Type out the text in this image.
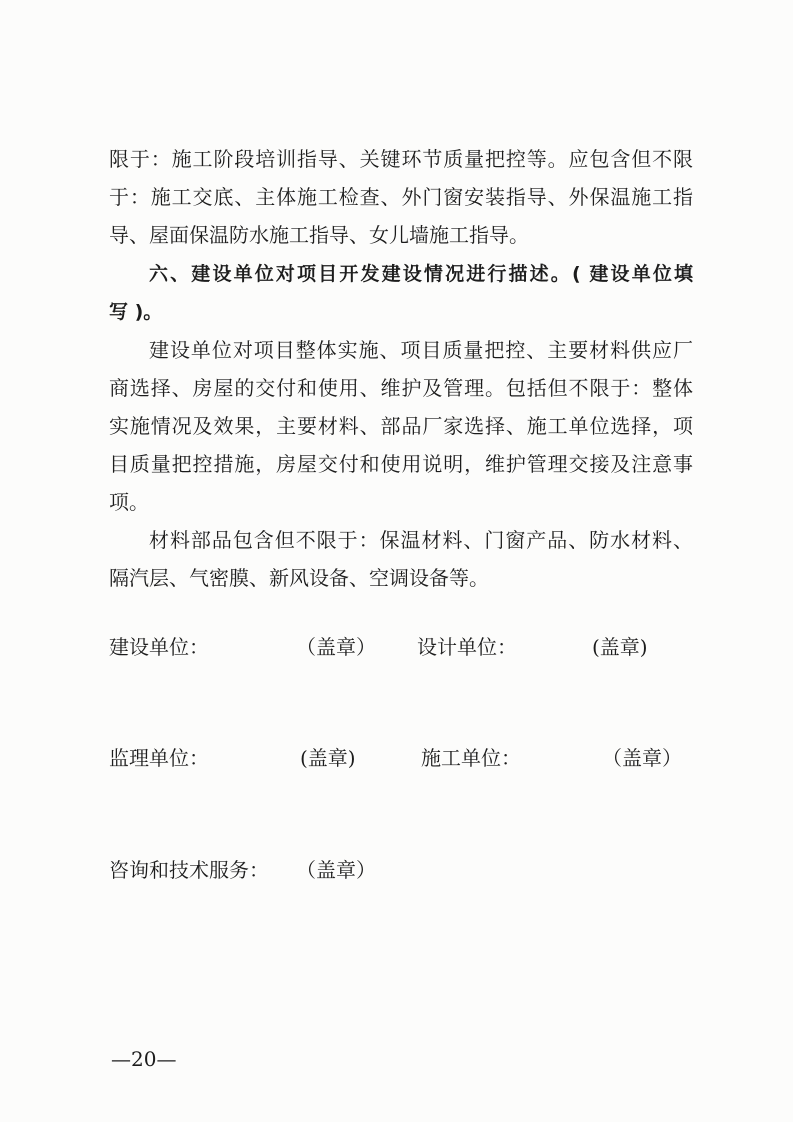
限于：施工阶段培训指导、关键环节质量把控等。应包含但不限
于：施工交底、主体施工检查、外门窗安装指导、外保温施工指
导、屋面保温防水施工指导、女儿墙施工指导。
六、建设单位对项目开发建设情况进行描述。( 建设单位填
写 )。
建设单位对项目整体实施、项目质量把控、主要材料供应厂
商选择、房屋的交付和使用、维护及管理。包括但不限于：整体
实施情况及效果，主要材料、部品厂家选择、施工单位选择，项
目质量把控措施，房屋交付和使用说明，维护管理交接及注意事
项。
材料部品包含但不限于：保温材料、门窗产品、防水材料、
隔汽层、气密膜、新风设备、空调设备等。
建设单位：	（盖章） 设计单位：	(盖章)
监理单位：	(盖章)	施工单位：	（盖章）
咨询和技术服务： （盖章）
—20—
